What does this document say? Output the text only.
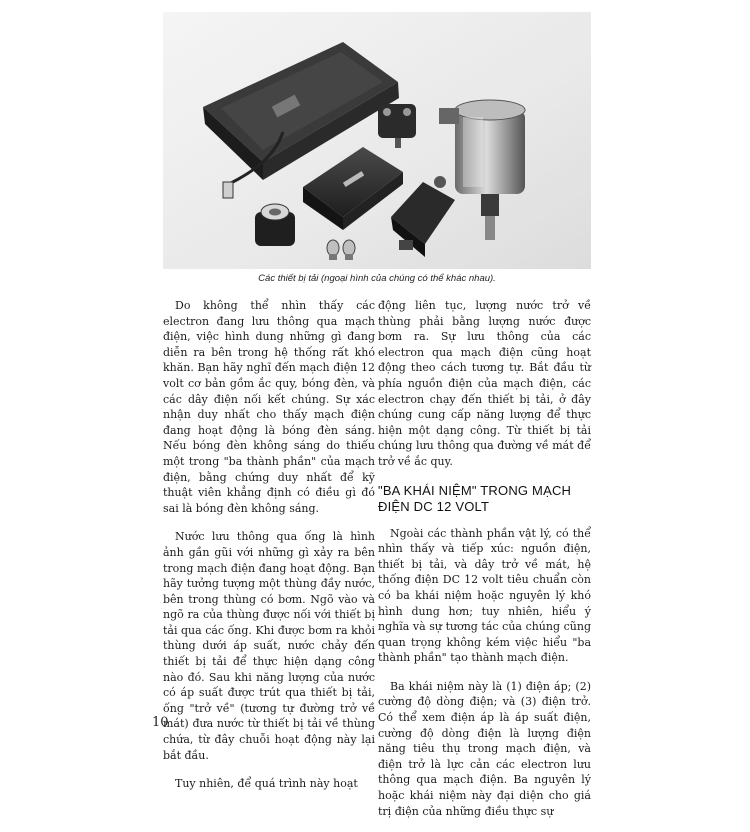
Các thiết bị tải (ngoại hình của chúng có thể khác nhau).

Do không thể nhìn thấy các electron đang lưu thông qua mạch điện, việc hình dung những gì đang diễn ra bên trong hệ thống rất khó khăn. Bạn hãy nghĩ đến mạch điện 12 volt cơ bản gồm ắc quy, bóng đèn, và các dây điện nối kết chúng. Sự xác nhận duy nhất cho thấy mạch điện đang hoạt động là bóng đèn sáng. Nếu bóng đèn không sáng do thiếu một trong "ba thành phần" của mạch điện, bằng chứng duy nhất để kỹ thuật viên khẳng định có điều gì đó sai là bóng đèn không sáng.

Nước lưu thông qua ống là hình ảnh gần gũi với những gì xảy ra bên trong mạch điện đang hoạt động. Bạn hãy tưởng tượng một thùng đầy nước, bên trong thùng có bơm. Ngõ vào và ngõ ra của thùng được nối với thiết bị tải qua các ống. Khi được bơm ra khỏi thùng dưới áp suất, nước chảy đến thiết bị tải để thực hiện dạng công nào đó. Sau khi năng lượng của nước có áp suất được trút qua thiết bị tải, ống "trở về" (tương tự đường trở về mát) đưa nước từ thiết bị tải về thùng chứa, từ đây chuỗi hoạt động này lại bắt đầu.

Tuy nhiên, để quá trình này hoạt

động liên tục, lượng nước trở về thùng phải bằng lượng nước được bơm ra. Sự lưu thông của các electron qua mạch điện cũng hoạt động theo cách tương tự. Bắt đầu từ phía nguồn điện của mạch điện, các electron chạy đến thiết bị tải, ở đây chúng cung cấp năng lượng để thực hiện một dạng công. Từ thiết bị tải chúng lưu thông qua đường về mát để trở về ắc quy.

"BA KHÁI NIỆM" TRONG MẠCH ĐIỆN DC 12 VOLT

Ngoài các thành phần vật lý, có thể nhìn thấy và tiếp xúc: nguồn điện, thiết bị tải, và dây trở về mát, hệ thống điện DC 12 volt tiêu chuẩn còn có ba khái niệm hoặc nguyên lý khó hình dung hơn; tuy nhiên, hiểu ý nghĩa và sự tương tác của chúng cũng quan trọng không kém việc hiểu "ba thành phần" tạo thành mạch điện.

Ba khái niệm này là (1) điện áp; (2) cường độ dòng điện; và (3) điện trở. Có thể xem điện áp là áp suất điện, cường độ dòng điện là lượng điện năng tiêu thụ trong mạch điện, và điện trở là lực cản các electron lưu thông qua mạch điện. Ba nguyên lý hoặc khái niệm này đại diện cho giá trị điện của những điều thực sự

10
